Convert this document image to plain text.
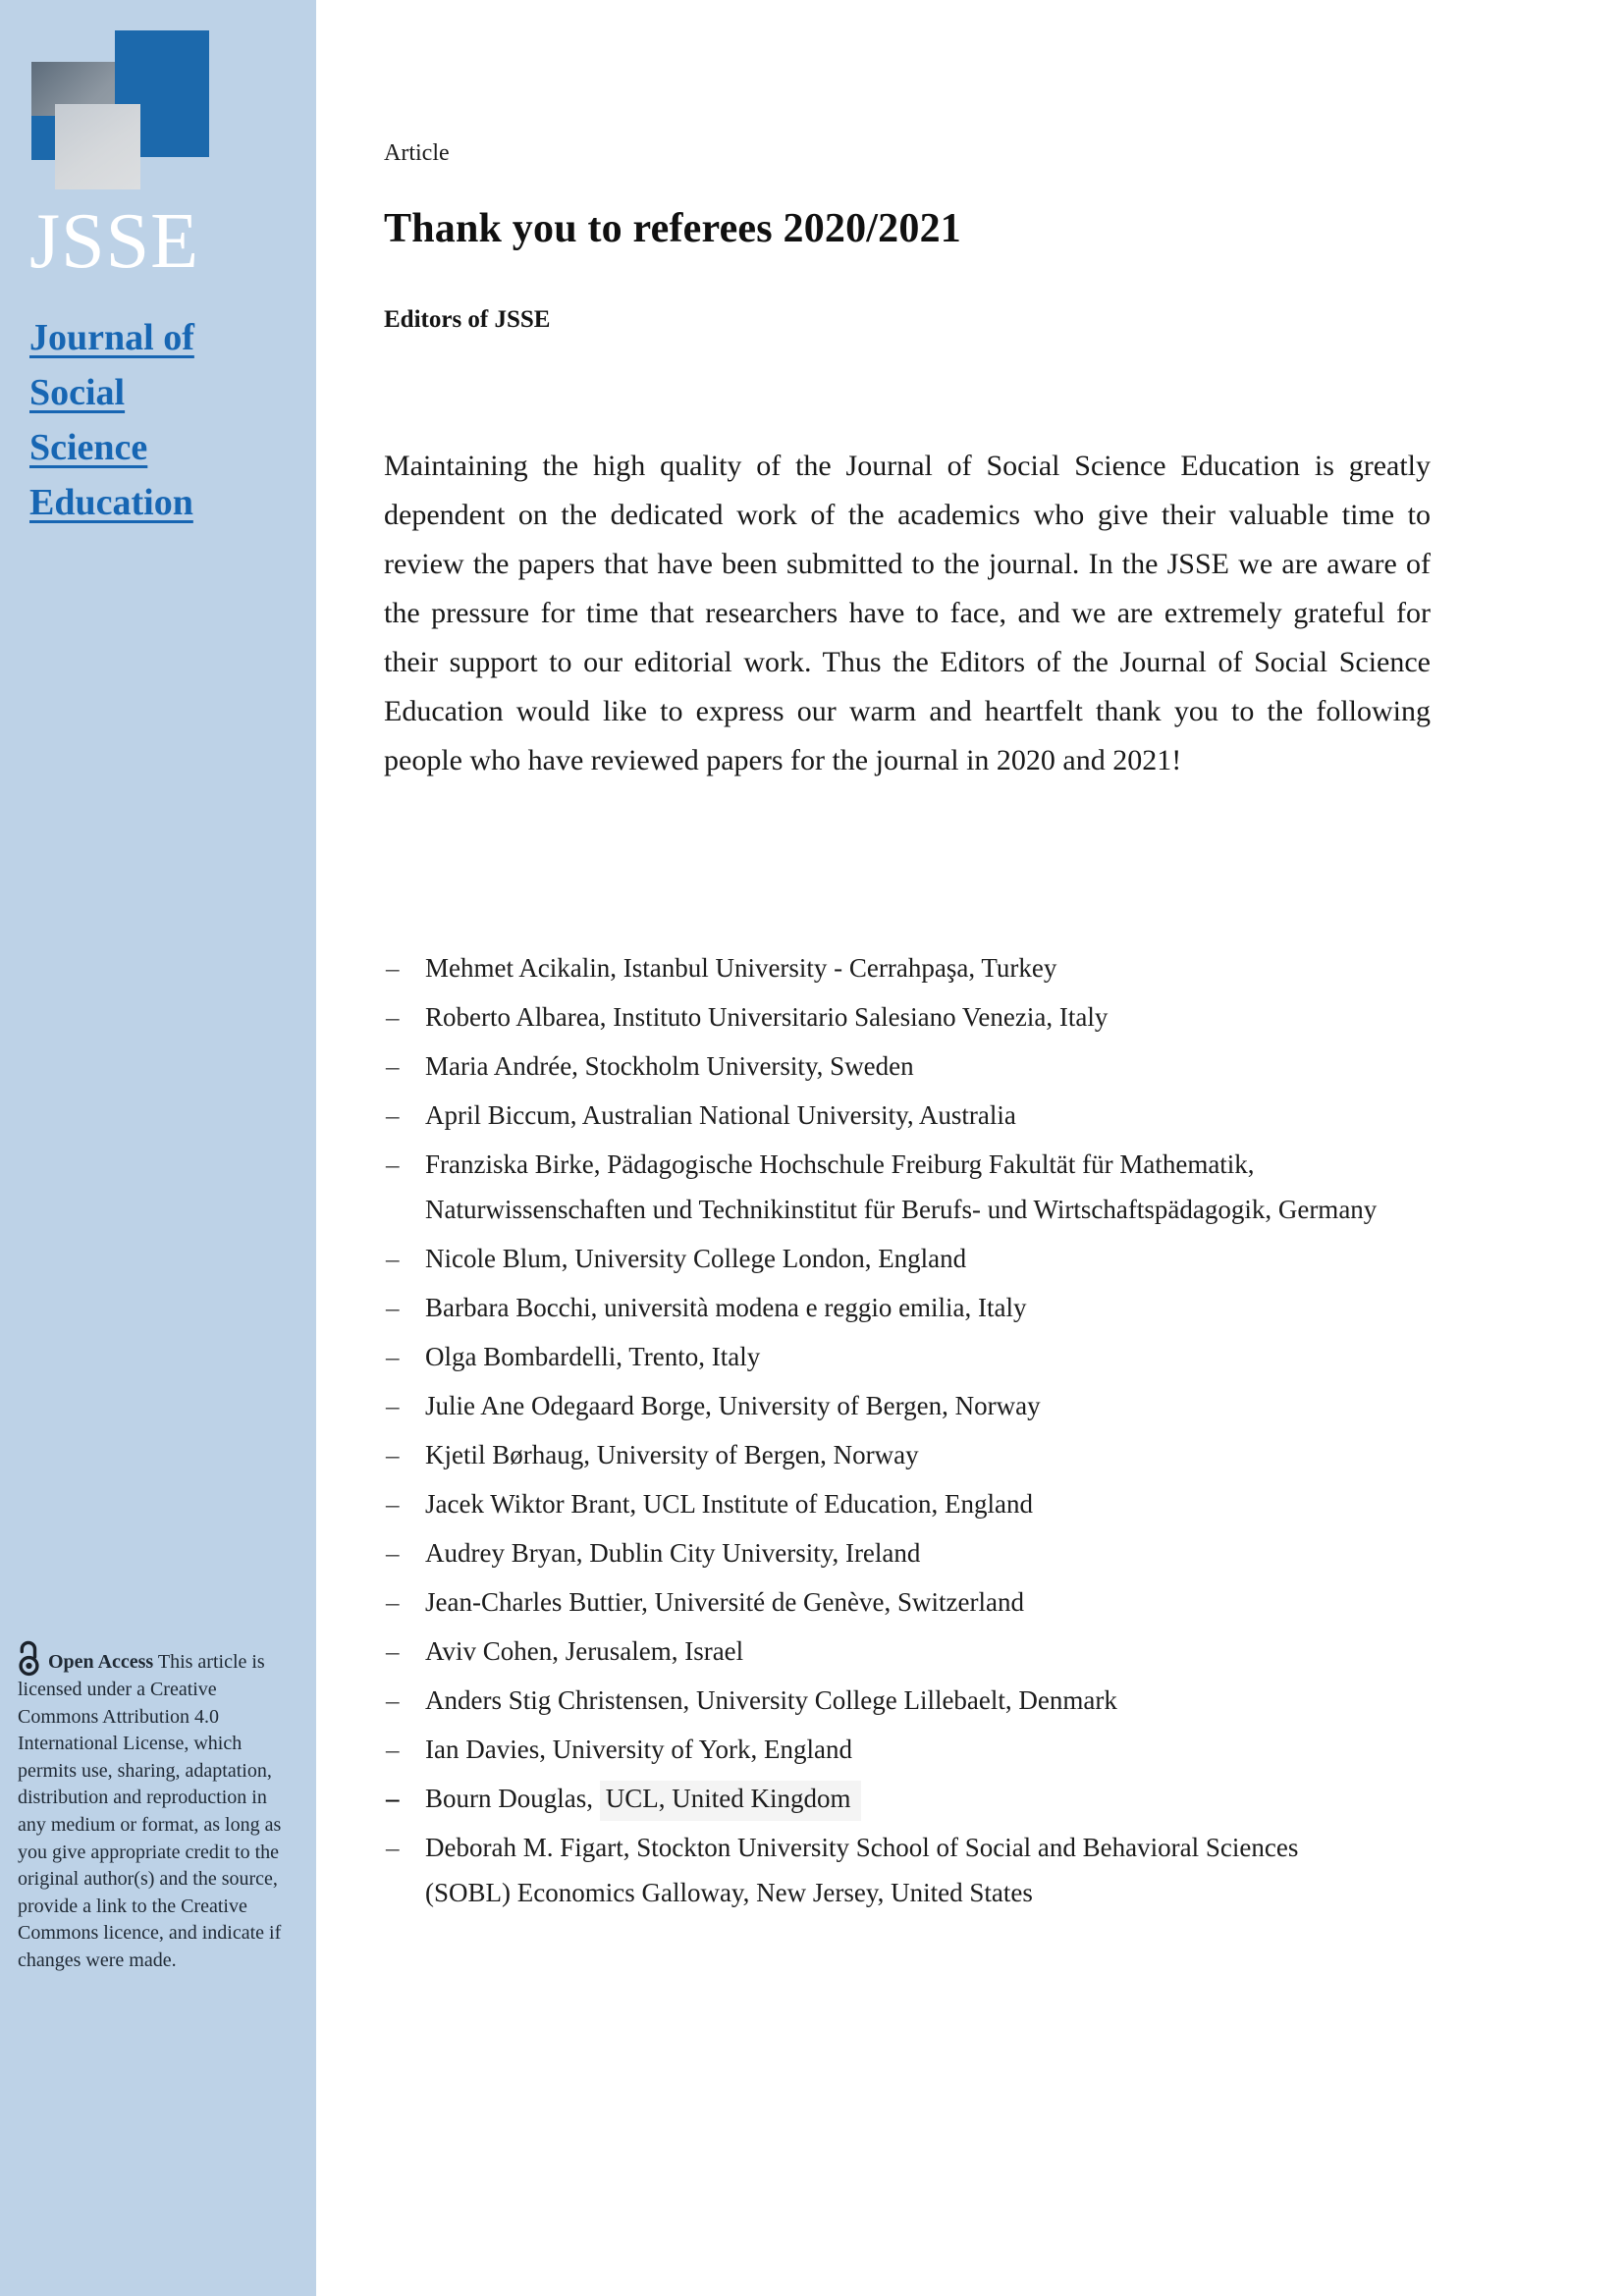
JSSE
Journal of
Social
Science
Education

Open Access This article is licensed under a Creative Commons Attribution 4.0 International License, which permits use, sharing, adaptation, distribution and reproduction in any medium or format, as long as you give appropriate credit to the original author(s) and the source, provide a link to the Creative Commons licence, and indicate if changes were made.

Article
Thank you to referees 2020/2021
Editors of JSSE

Maintaining the high quality of the Journal of Social Science Education is greatly dependent on the dedicated work of the academics who give their valuable time to review the papers that have been submitted to the journal. In the JSSE we are aware of the pressure for time that researchers have to face, and we are extremely grateful for their support to our editorial work. Thus the Editors of the Journal of Social Science Education would like to express our warm and heartfelt thank you to the following people who have reviewed papers for the journal in 2020 and 2021!

– Mehmet Acikalin, Istanbul University - Cerrahpaşa, Turkey
– Roberto Albarea, Instituto Universitario Salesiano Venezia, Italy
– Maria Andrée, Stockholm University, Sweden
– April Biccum, Australian National University, Australia
– Franziska Birke, Pädagogische Hochschule Freiburg Fakultät für Mathematik, Naturwissenschaften und Technikinstitut für Berufs- und Wirtschaftspädagogik, Germany
– Nicole Blum, University College London, England
– Barbara Bocchi, università modena e reggio emilia, Italy
– Olga Bombardelli, Trento, Italy
– Julie Ane Odegaard Borge, University of Bergen, Norway
– Kjetil Børhaug, University of Bergen, Norway
– Jacek Wiktor Brant, UCL Institute of Education, England
– Audrey Bryan, Dublin City University, Ireland
– Jean-Charles Buttier, Université de Genève, Switzerland
– Aviv Cohen, Jerusalem, Israel
– Anders Stig Christensen, University College Lillebaelt, Denmark
– Ian Davies, University of York, England
– Bourn Douglas, UCL, United Kingdom
– Deborah M. Figart, Stockton University School of Social and Behavioral Sciences (SOBL) Economics Galloway, New Jersey, United States
